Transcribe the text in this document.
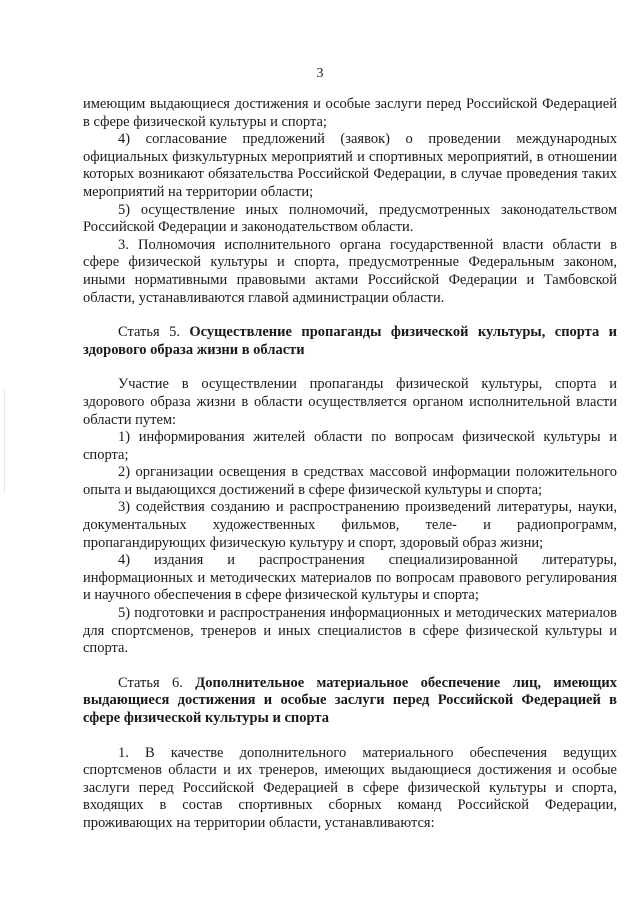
3

имеющим выдающиеся достижения и особые заслуги перед Российской Федерацией в сфере физической культуры и спорта;

4) согласование предложений (заявок) о проведении международных официальных физкультурных мероприятий и спортивных мероприятий, в отношении которых возникают обязательства Российской Федерации, в случае проведения таких мероприятий на территории области;

5) осуществление иных полномочий, предусмотренных законодательством Российской Федерации и законодательством области.

3. Полномочия исполнительного органа государственной власти области в сфере физической культуры и спорта, предусмотренные Федеральным законом, иными нормативными правовыми актами Российской Федерации и Тамбовской области, устанавливаются главой администрации области.

Статья 5. Осуществление пропаганды физической культуры, спорта и здорового образа жизни в области

Участие в осуществлении пропаганды физической культуры, спорта и здорового образа жизни в области осуществляется органом исполнительной власти области путем:

1) информирования жителей области по вопросам физической культуры и спорта;

2) организации освещения в средствах массовой информации положительного опыта и выдающихся достижений в сфере физической культуры и спорта;

3) содействия созданию и распространению произведений литературы, науки, документальных художественных фильмов, теле- и радиопрограмм, пропагандирующих физическую культуру и спорт, здоровый образ жизни;

4) издания и распространения специализированной литературы, информационных и методических материалов по вопросам правового регулирования и научного обеспечения в сфере физической культуры и спорта;

5) подготовки и распространения информационных и методических материалов для спортсменов, тренеров и иных специалистов в сфере физической культуры и спорта.

Статья 6. Дополнительное материальное обеспечение лиц, имеющих выдающиеся достижения и особые заслуги перед Российской Федерацией в сфере физической культуры и спорта

1. В качестве дополнительного материального обеспечения ведущих спортсменов области и их тренеров, имеющих выдающиеся достижения и особые заслуги перед Российской Федерацией в сфере физической культуры и спорта, входящих в состав спортивных сборных команд Российской Федерации, проживающих на территории области, устанавливаются:
